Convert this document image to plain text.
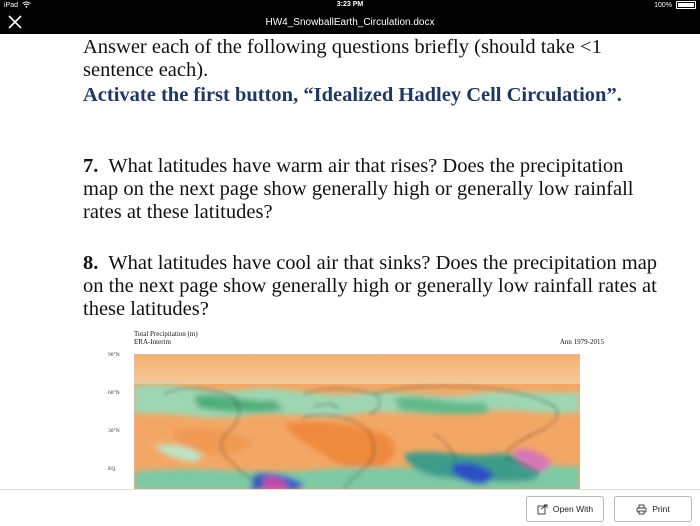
iPad	3:23 PM	100%
HW4_SnowballEarth_Circulation.docx

Answer each of the following questions briefly (should take <1 sentence each).

Activate the first button, “Idealized Hadley Cell Circulation”.

7. What latitudes have warm air that rises? Does the precipitation map on the next page show generally high or generally low rainfall rates at these latitudes?

8. What latitudes have cool air that sinks? Does the precipitation map on the next page show generally high or generally low rainfall rates at these latitudes?

Total Precipitation (m)
ERA-Interim	Ann 1979-2015
90°N
60°N
30°N
EQ
Open With	Print
